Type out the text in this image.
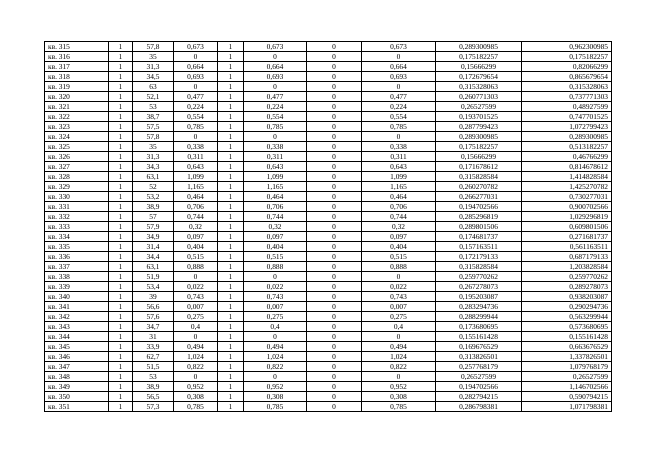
кв. 315	1	57,8	0,673	1	0,673	0	0,673	0,289300985	0,962300985
кв. 316	1	35	0	1	0	0	0	0,175182257	0,175182257
кв. 317	1	31,3	0,664	1	0,664	0	0,664	0,15666299	0,82066299
кв. 318	1	34,5	0,693	1	0,693	0	0,693	0,172679654	0,865679654
кв. 319	1	63	0	1	0	0	0	0,315328063	0,315328063
кв. 320	1	52,1	0,477	1	0,477	0	0,477	0,260771303	0,737771303
кв. 321	1	53	0,224	1	0,224	0	0,224	0,26527599	0,48927599
кв. 322	1	38,7	0,554	1	0,554	0	0,554	0,193701525	0,747701525
кв. 323	1	57,5	0,785	1	0,785	0	0,785	0,287799423	1,072799423
кв. 324	1	57,8	0	1	0	0	0	0,289300985	0,289300985
кв. 325	1	35	0,338	1	0,338	0	0,338	0,175182257	0,513182257
кв. 326	1	31,3	0,311	1	0,311	0	0,311	0,15666299	0,46766299
кв. 327	1	34,3	0,643	1	0,643	0	0,643	0,171678612	0,814678612
кв. 328	1	63,1	1,099	1	1,099	0	1,099	0,315828584	1,414828584
кв. 329	1	52	1,165	1	1,165	0	1,165	0,260270782	1,425270782
кв. 330	1	53,2	0,464	1	0,464	0	0,464	0,266277031	0,730277031
кв. 331	1	38,9	0,706	1	0,706	0	0,706	0,194702566	0,900702566
кв. 332	1	57	0,744	1	0,744	0	0,744	0,285296819	1,029296819
кв. 333	1	57,9	0,32	1	0,32	0	0,32	0,289801506	0,609801506
кв. 334	1	34,9	0,097	1	0,097	0	0,097	0,174681737	0,271681737
кв. 335	1	31,4	0,404	1	0,404	0	0,404	0,157163511	0,561163511
кв. 336	1	34,4	0,515	1	0,515	0	0,515	0,172179133	0,687179133
кв. 337	1	63,1	0,888	1	0,888	0	0,888	0,315828584	1,203828584
кв. 338	1	51,9	0	1	0	0	0	0,259770262	0,259770262
кв. 339	1	53,4	0,022	1	0,022	0	0,022	0,267278073	0,289278073
кв. 340	1	39	0,743	1	0,743	0	0,743	0,195203087	0,938203087
кв. 341	1	56,6	0,007	1	0,007	0	0,007	0,283294736	0,290294736
кв. 342	1	57,6	0,275	1	0,275	0	0,275	0,288299944	0,563299944
кв. 343	1	34,7	0,4	1	0,4	0	0,4	0,173680695	0,573680695
кв. 344	1	31	0	1	0	0	0	0,155161428	0,155161428
кв. 345	1	33,9	0,494	1	0,494	0	0,494	0,169676529	0,663676529
кв. 346	1	62,7	1,024	1	1,024	0	1,024	0,313826501	1,337826501
кв. 347	1	51,5	0,822	1	0,822	0	0,822	0,257768179	1,079768179
кв. 348	1	53	0	1	0	0	0	0,26527599	0,26527599
кв. 349	1	38,9	0,952	1	0,952	0	0,952	0,194702566	1,146702566
кв. 350	1	56,5	0,308	1	0,308	0	0,308	0,282794215	0,590794215
кв. 351	1	57,3	0,785	1	0,785	0	0,785	0,286798381	1,071798381
